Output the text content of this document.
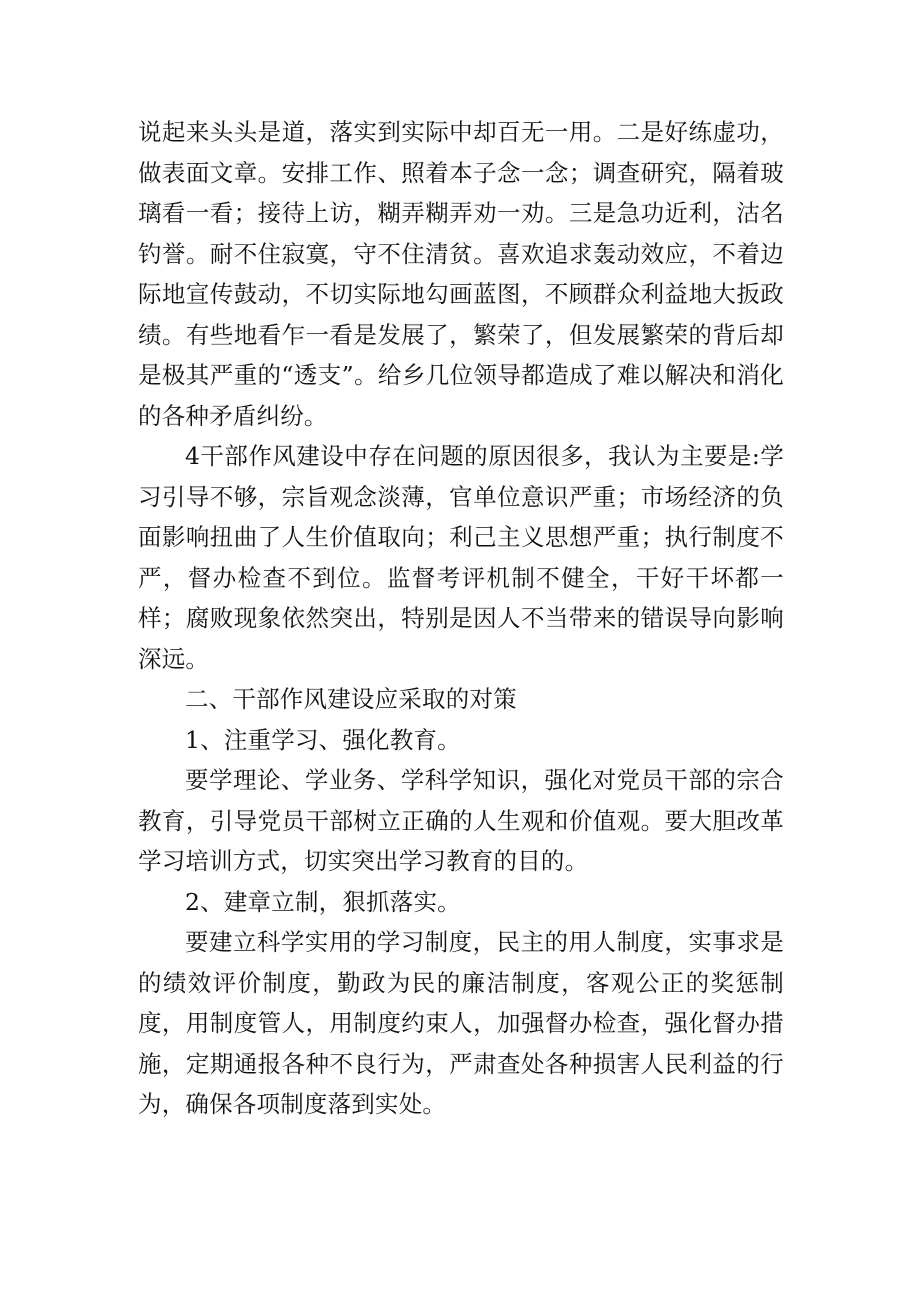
说起来头头是道，落实到实际中却百无一用。二是好练虚功，做表面文章。安排工作、照着本子念一念；调查研究，隔着玻璃看一看；接待上访，糊弄糊弄劝一劝。三是急功近利，沽名钓誉。耐不住寂寞，守不住清贫。喜欢追求轰动效应，不着边际地宣传鼓动，不切实际地勾画蓝图，不顾群众利益地大扳政绩。有些地看乍一看是发展了，繁荣了，但发展繁荣的背后却是极其严重的“透支”。给乡几位领导都造成了难以解决和消化的各种矛盾纠纷。

4干部作风建设中存在问题的原因很多，我认为主要是:学习引导不够，宗旨观念淡薄，官单位意识严重；市场经济的负面影响扭曲了人生价值取向；利己主义思想严重；执行制度不严，督办检查不到位。监督考评机制不健全，干好干坏都一样；腐败现象依然突出，特别是因人不当带来的错误导向影响深远。

二、干部作风建设应采取的对策

1、注重学习、强化教育。

要学理论、学业务、学科学知识，强化对党员干部的宗合教育，引导党员干部树立正确的人生观和价值观。要大胆改革学习培训方式，切实突出学习教育的目的。

2、建章立制，狠抓落实。

要建立科学实用的学习制度，民主的用人制度，实事求是的绩效评价制度，勤政为民的廉洁制度，客观公正的奖惩制度，用制度管人，用制度约束人，加强督办检查，强化督办措施，定期通报各种不良行为，严肃查处各种损害人民利益的行为，确保各项制度落到实处。
